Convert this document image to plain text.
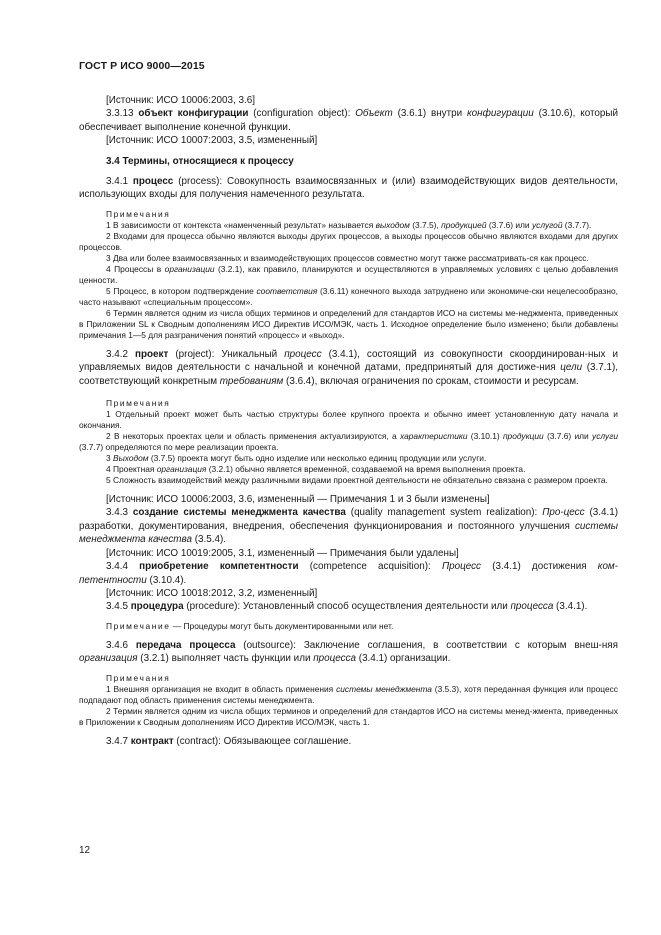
ГОСТ Р ИСО 9000—2015

[Источник: ИСО 10006:2003, 3.6]

3.3.13 объект конфигурации (configuration object): Объект (3.6.1) внутри конфигурации (3.10.6), который обеспечивает выполнение конечной функции.

[Источник: ИСО 10007:2003, 3.5, измененный]

3.4 Термины, относящиеся к процессу

3.4.1 процесс (process): Совокупность взаимосвязанных и (или) взаимодействующих видов деятельности, использующих входы для получения намеченного результата.

Примечания

1 В зависимости от контекста «наменченный результат» называется выходом (3.7.5), продукцией (3.7.6) или услугой (3.7.7).

2 Входами для процесса обычно являются выходы других процессов, а выходы процессов обычно являются входами для других процессов.

3 Два или более взаимосвязанных и взаимодействующих процессов совместно могут также рассматривать-ся как процесс.

4 Процессы в организации (3.2.1), как правило, планируются и осуществляются в управляемых условиях с целью добавления ценности.

5 Процесс, в котором подтверждение соответствия (3.6.11) конечного выхода затруднено или экономиче-ски нецелесообразно, часто называют «специальным процессом».

6 Термин является одним из числа общих терминов и определений для стандартов ИСО на системы ме-неджмента, приведенных в Приложении SL к Сводным дополнениям ИСО Директив ИСО/МЭК, часть 1. Исходное определение было изменено; были добавлены примечания 1—5 для разграничения понятий «процесс» и «выход».

3.4.2 проект (project): Уникальный процесс (3.4.1), состоящий из совокупности скоординирован-ных и управляемых видов деятельности с начальной и конечной датами, предпринятый для достиже-ния цели (3.7.1), соответствующий конкретным требованиям (3.6.4), включая ограничения по срокам, стоимости и ресурсам.

Примечания

1 Отдельный проект может быть частью структуры более крупного проекта и обычно имеет установленную дату начала и окончания.

2 В некоторых проектах цели и область применения актуализируются, а характеристики (3.10.1) продукции (3.7.6) или услуги (3.7.7) определяются по мере реализации проекта.

3 Выходом (3.7.5) проекта могут быть одно изделие или несколько единиц продукции или услуги.

4 Проектная организация (3.2.1) обычно является временной, создаваемой на время выполнения проекта.

5 Сложность взаимодействий между различными видами проектной деятельности не обязательно связана с размером проекта.

[Источник: ИСО 10006:2003, 3.6, измененный — Примечания 1 и 3 были изменены]

3.4.3 создание системы менеджмента качества (quality management system realization): Про-цесс (3.4.1) разработки, документирования, внедрения, обеспечения функционирования и постоянного улучшения системы менеджмента качества (3.5.4).

[Источник: ИСО 10019:2005, 3.1, измененный — Примечания были удалены]

3.4.4 приобретение компетентности (competence acquisition): Процесс (3.4.1) достижения ком-петентности (3.10.4).

[Источник: ИСО 10018:2012, 3.2, измененный]

3.4.5 процедура (procedure): Установленный способ осуществления деятельности или процесса (3.4.1).

Примечание — Процедуры могут быть документированными или нет.

3.4.6 передача процесса (outsource): Заключение соглашения, в соответствии с которым внеш-няя организация (3.2.1) выполняет часть функции или процесса (3.4.1) организации.

Примечания

1 Внешняя организация не входит в область применения системы менеджмента (3.5.3), хотя переданная функция или процесс подпадают под область применения системы менеджмента.

2 Термин является одним из числа общих терминов и определений для стандартов ИСО на системы менед-жмента, приведенных в Приложении к Сводным дополнениям ИСО Директив ИСО/МЭК, часть 1.

3.4.7 контракт (contract): Обязывающее соглашение.

12
